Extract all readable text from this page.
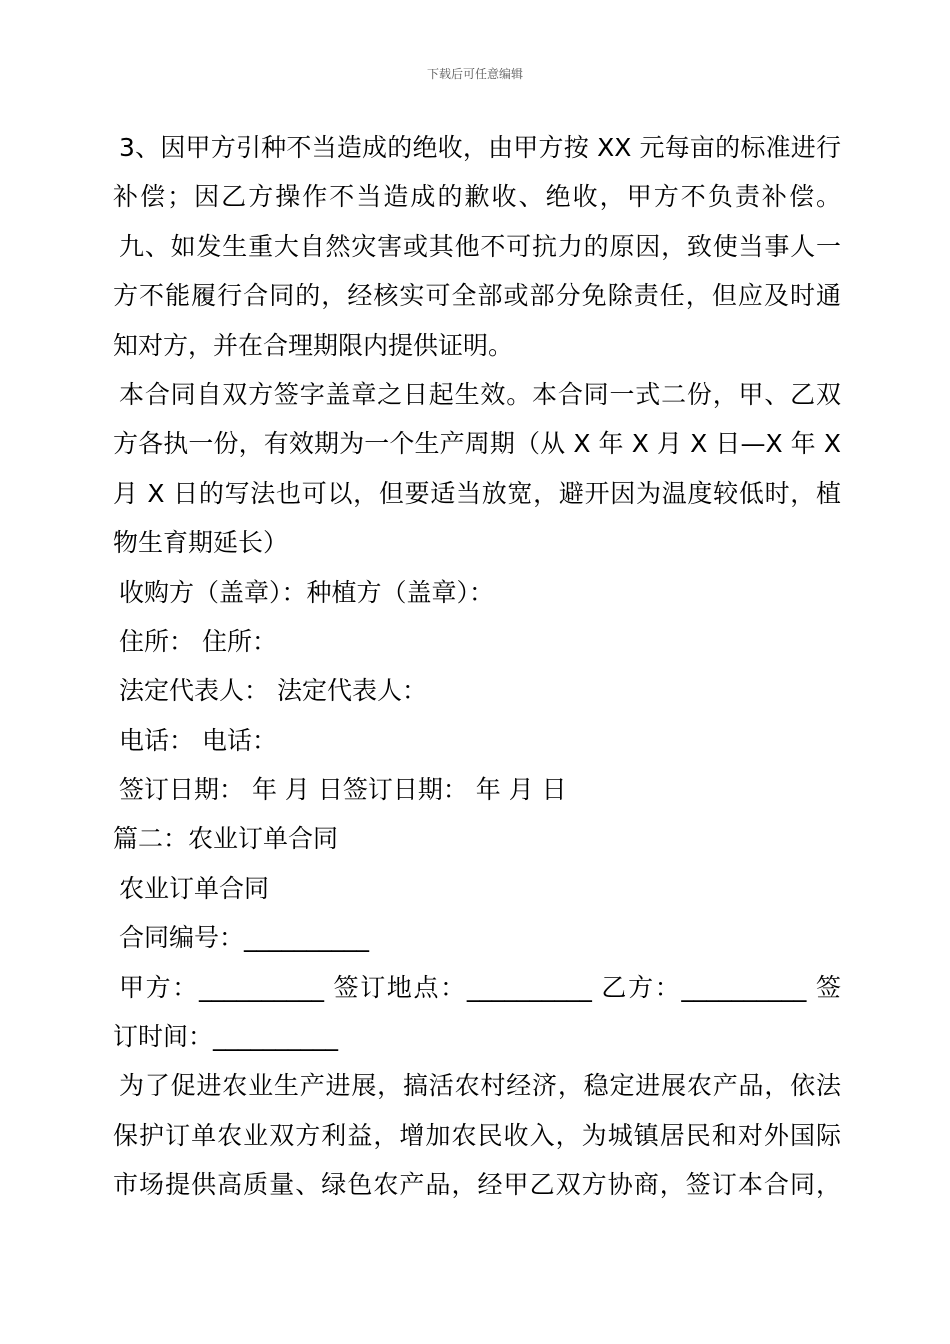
下载后可任意编辑
3、因甲方引种不当造成的绝收，由甲方按 XX 元每亩的标准进行
补偿；因乙方操作不当造成的歉收、绝收，甲方不负责补偿。
九、如发生重大自然灾害或其他不可抗力的原因，致使当事人一
方不能履行合同的，经核实可全部或部分免除责任，但应及时通
知对方，并在合理期限内提供证明。
本合同自双方签字盖章之日起生效。本合同一式二份，甲、乙双
方各执一份，有效期为一个生产周期（从 X 年 X 月 X 日—X 年 X
月 X 日的写法也可以，但要适当放宽，避开因为温度较低时，植
物生育期延长）
收购方（盖章）：种植方（盖章）：
住所： 住所：
法定代表人： 法定代表人：
电话： 电话：
签订日期： 年 月 日签订日期： 年 月 日
篇二：农业订单合同
农业订单合同
合同编号：__________
甲方：__________ 签订地点：__________ 乙方：__________ 签
订时间：__________
为了促进农业生产进展，搞活农村经济，稳定进展农产品，依法
保护订单农业双方利益，增加农民收入，为城镇居民和对外国际
市场提供高质量、绿色农产品，经甲乙双方协商，签订本合同，
